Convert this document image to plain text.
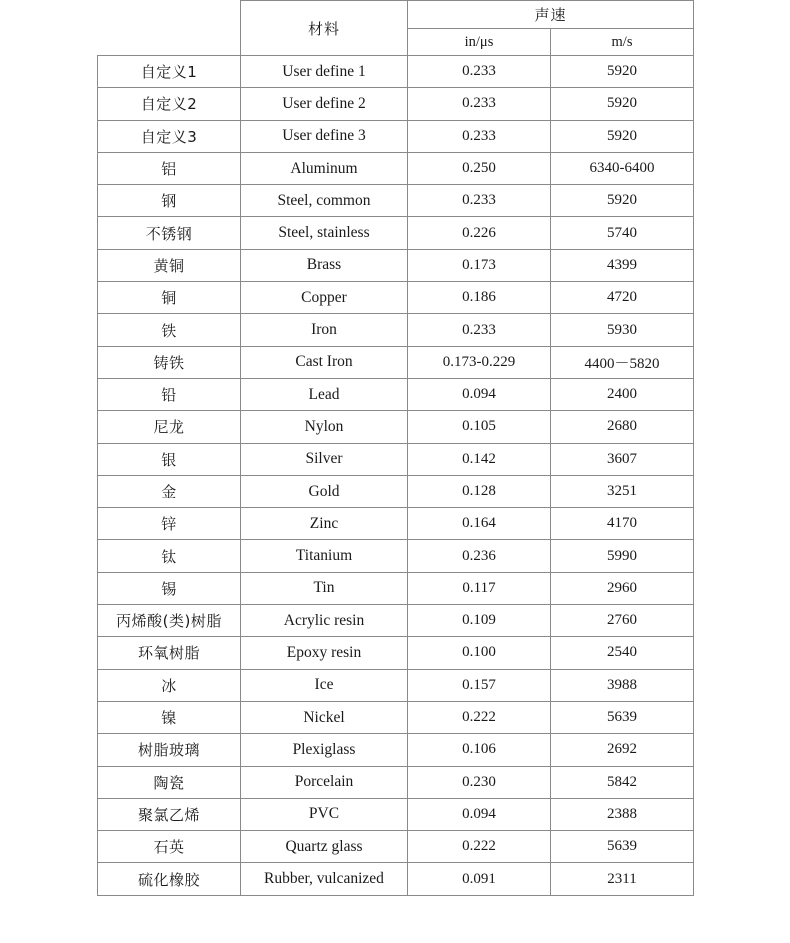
	材料	声速	
		in/μs	m/s
自定义1	User define 1	0.233	5920
自定义2	User define 2	0.233	5920
自定义3	User define 3	0.233	5920
铝	Aluminum	0.250	6340-6400
钢	Steel, common	0.233	5920
不锈钢	Steel, stainless	0.226	5740
黄铜	Brass	0.173	4399
铜	Copper	0.186	4720
铁	Iron	0.233	5930
铸铁	Cast Iron	0.173-0.229	4400－5820
铅	Lead	0.094	2400
尼龙	Nylon	0.105	2680
银	Silver	0.142	3607
金	Gold	0.128	3251
锌	Zinc	0.164	4170
钛	Titanium	0.236	5990
锡	Tin	0.117	2960
丙烯酸(类)树脂	Acrylic resin	0.109	2760
环氧树脂	Epoxy resin	0.100	2540
冰	Ice	0.157	3988
镍	Nickel	0.222	5639
树脂玻璃	Plexiglass	0.106	2692
陶瓷	Porcelain	0.230	5842
聚氯乙烯	PVC	0.094	2388
石英	Quartz glass	0.222	5639
硫化橡胶	Rubber, vulcanized	0.091	2311
